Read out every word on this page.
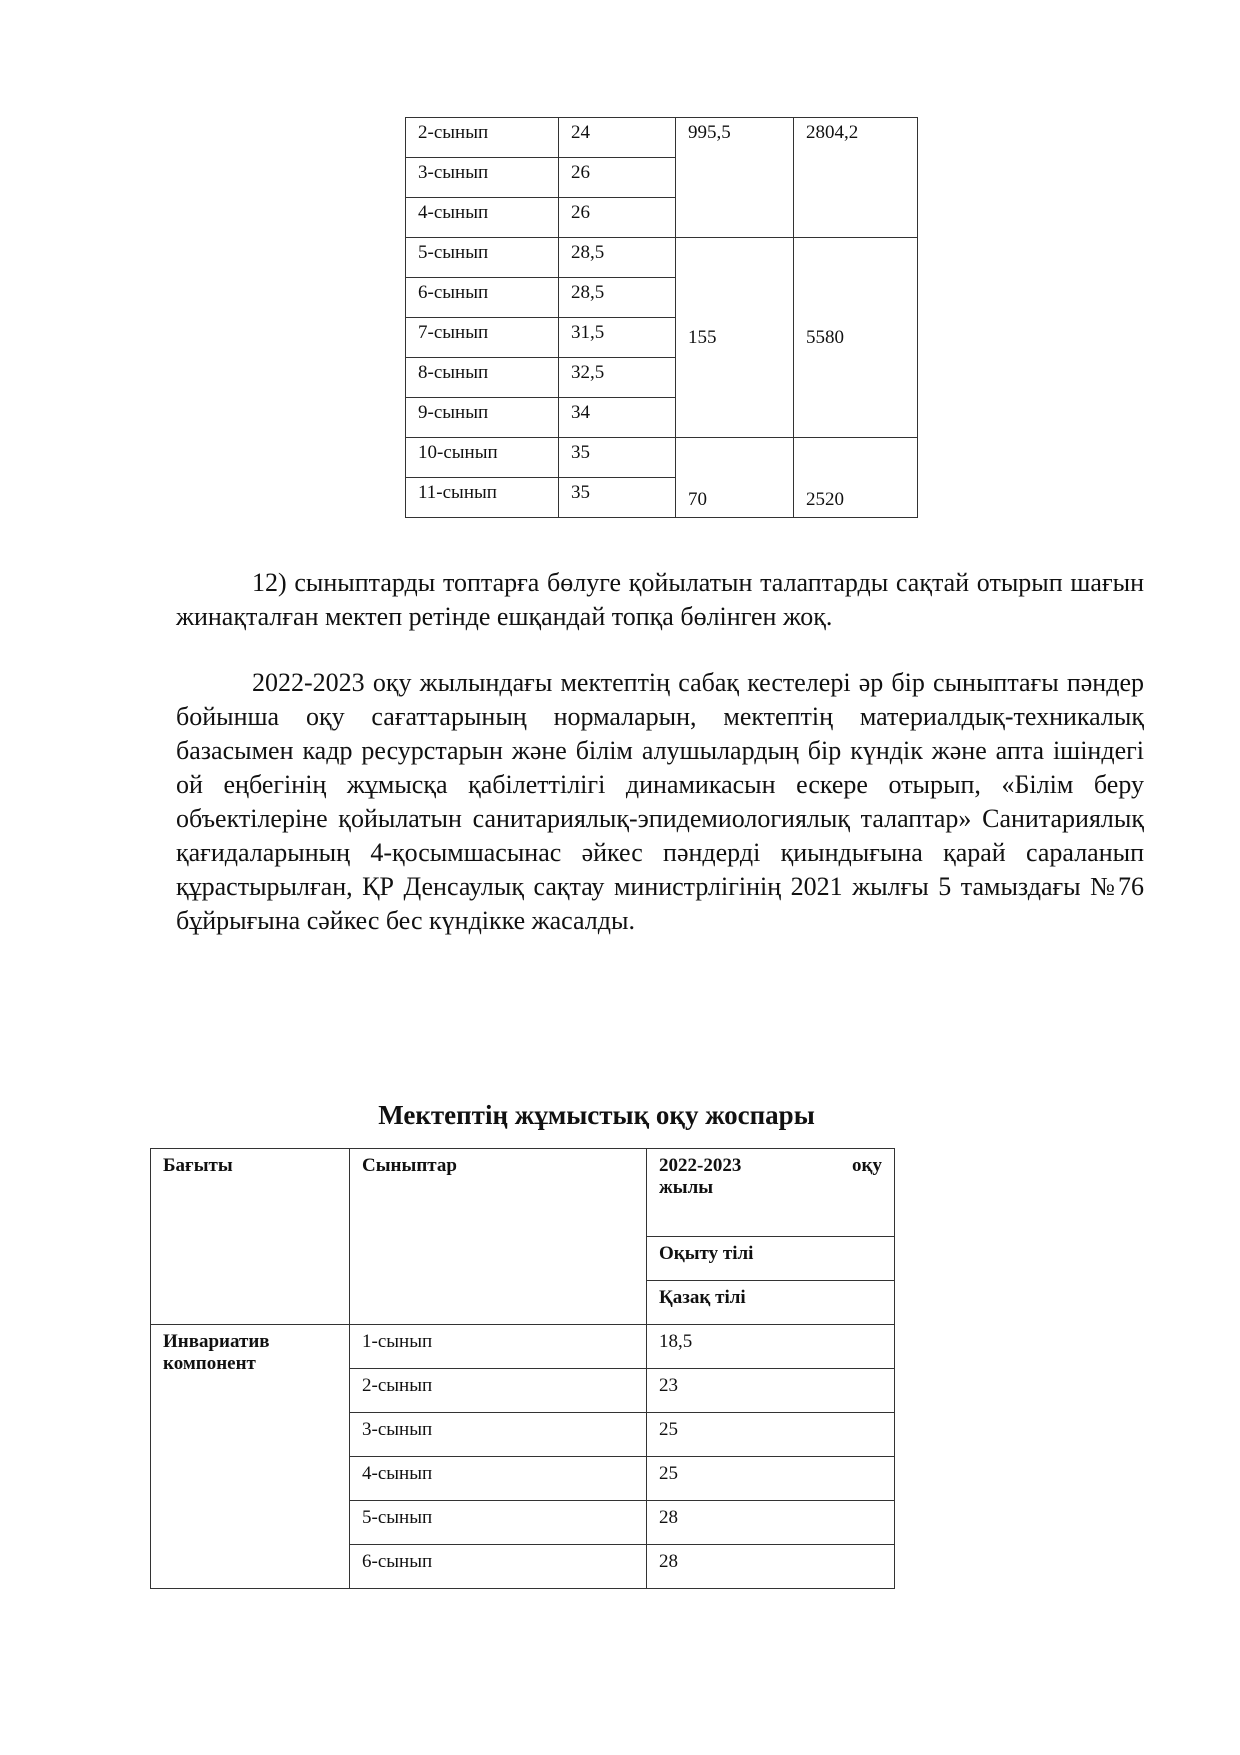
2-сынып	24	995,5	2804,2
3-сынып	26		
4-сынып	26		
5-сынып	28,5	155	5580
6-сынып	28,5		
7-сынып	31,5		
8-сынып	32,5		
9-сынып	34		
10-сынып	35	70	2520
11-сынып	35		

12) сыныптарды топтарға бөлуге қойылатын талаптарды сақтай отырып шағын жинақталған мектеп ретінде ешқандай топқа бөлінген жоқ.

2022-2023 оқу жылындағы мектептің сабақ кестелері әр бір сыныптағы пәндер бойынша оқу сағаттарының нормаларын, мектептің материалдық-техникалық базасымен кадр ресурстарын және білім алушылардың бір күндік және апта ішіндегі ой еңбегінің жұмысқа қабілеттілігі динамикасын ескере отырып, «Білім беру объектілеріне қойылатын санитариялық-эпидемиологиялық талаптар» Санитариялық қағидаларының 4-қосымшасынас әйкес пәндерді қиындығына қарай сараланып құрастырылған, ҚР Денсаулық сақтау министрлігінің 2021 жылғы 5 тамыздағы №76 бұйрығына сәйкес бес күндікке жасалды.

Мектептің жұмыстық оқу жоспары
Бағыты	Сыныптар	2022-2023 оқу
жылы

		Оқыту тілі
		Қазақ тілі
Инвариатив компонент	1-сынып	18,5
	2-сынып	23
	3-сынып	25
	4-сынып	25
	5-сынып	28
	6-сынып	28
